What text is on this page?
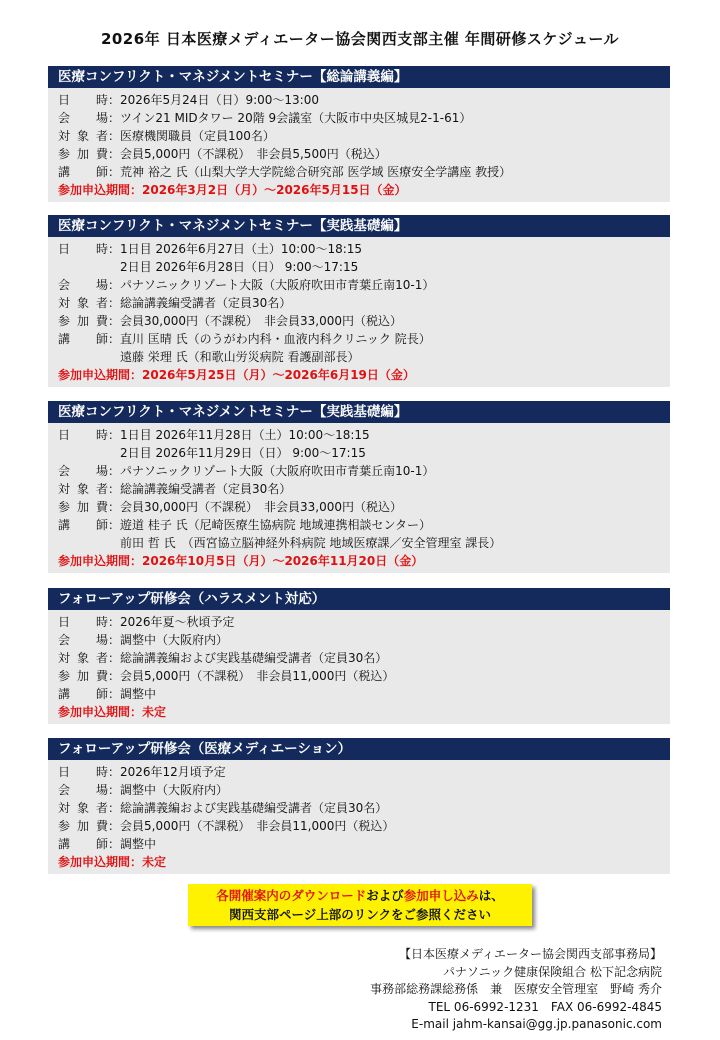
2026年 日本医療メディエーター協会関西支部主催 年間研修スケジュール
医療コンフリクト・マネジメントセミナー【総論講義編】
日　時 ： 2026年5月24日（日）9:00〜13:00
会　場 ： ツイン21 MIDタワー 20階 9会議室（大阪市中央区城見2-1-61）
対象者 ： 医療機関職員（定員100名）
参加費 ： 会員5,000円（不課税）　非会員5,500円（税込）
講　師 ： 荒神 裕之 氏（山梨大学大学院総合研究部 医学域 医療安全学講座 教授）
参加申込期間：2026年3月2日（月）〜2026年5月15日（金）
医療コンフリクト・マネジメントセミナー【実践基礎編】
日　時 ： 1日目 2026年6月27日（土）10:00〜18:15
2日目 2026年6月28日（日） 9:00〜17:15
会　場 ： パナソニックリゾート大阪（大阪府吹田市青葉丘南10-1）
対象者 ： 総論講義編受講者（定員30名）
参加費 ： 会員30,000円（不課税）　非会員33,000円（税込）
講　師 ： 直川 匡晴 氏（のうがわ内科・血液内科クリニック 院長）
遠藤 栄理 氏（和歌山労災病院 看護副部長）
参加申込期間：2026年5月25日（月）〜2026年6月19日（金）
医療コンフリクト・マネジメントセミナー【実践基礎編】
日　時 ： 1日目 2026年11月28日（土）10:00〜18:15
2日目 2026年11月29日（日） 9:00〜17:15
会　場 ： パナソニックリゾート大阪（大阪府吹田市青葉丘南10-1）
対象者 ： 総論講義編受講者（定員30名）
参加費 ： 会員30,000円（不課税）　非会員33,000円（税込）
講　師 ： 遊道 桂子 氏（尼崎医療生協病院 地域連携相談センター）
前田 哲 氏　（西宮協立脳神経外科病院 地域医療課／安全管理室 課長）
参加申込期間：2026年10月5日（月）〜2026年11月20日（金）
フォローアップ研修会（ハラスメント対応）
日　時 ： 2026年夏〜秋頃予定
会　場 ： 調整中（大阪府内）
対象者 ： 総論講義編および実践基礎編受講者（定員30名）
参加費 ： 会員5,000円（不課税）　非会員11,000円（税込）
講　師 ： 調整中
参加申込期間：未定
フォローアップ研修会（医療メディエーション）
日　時 ： 2026年12月頃予定
会　場 ： 調整中（大阪府内）
対象者 ： 総論講義編および実践基礎編受講者（定員30名）
参加費 ： 会員5,000円（不課税）　非会員11,000円（税込）
講　師 ： 調整中
参加申込期間：未定
各開催案内のダウンロードおよび参加申し込みは、
関西支部ページ上部のリンクをご参照ください
【日本医療メディエーター協会関西支部事務局】
パナソニック健康保険組合 松下記念病院
事務部総務課総務係　兼　医療安全管理室　野崎 秀介
TEL 06-6992-1231　FAX 06-6992-4845
E-mail jahm-kansai@gg.jp.panasonic.com
